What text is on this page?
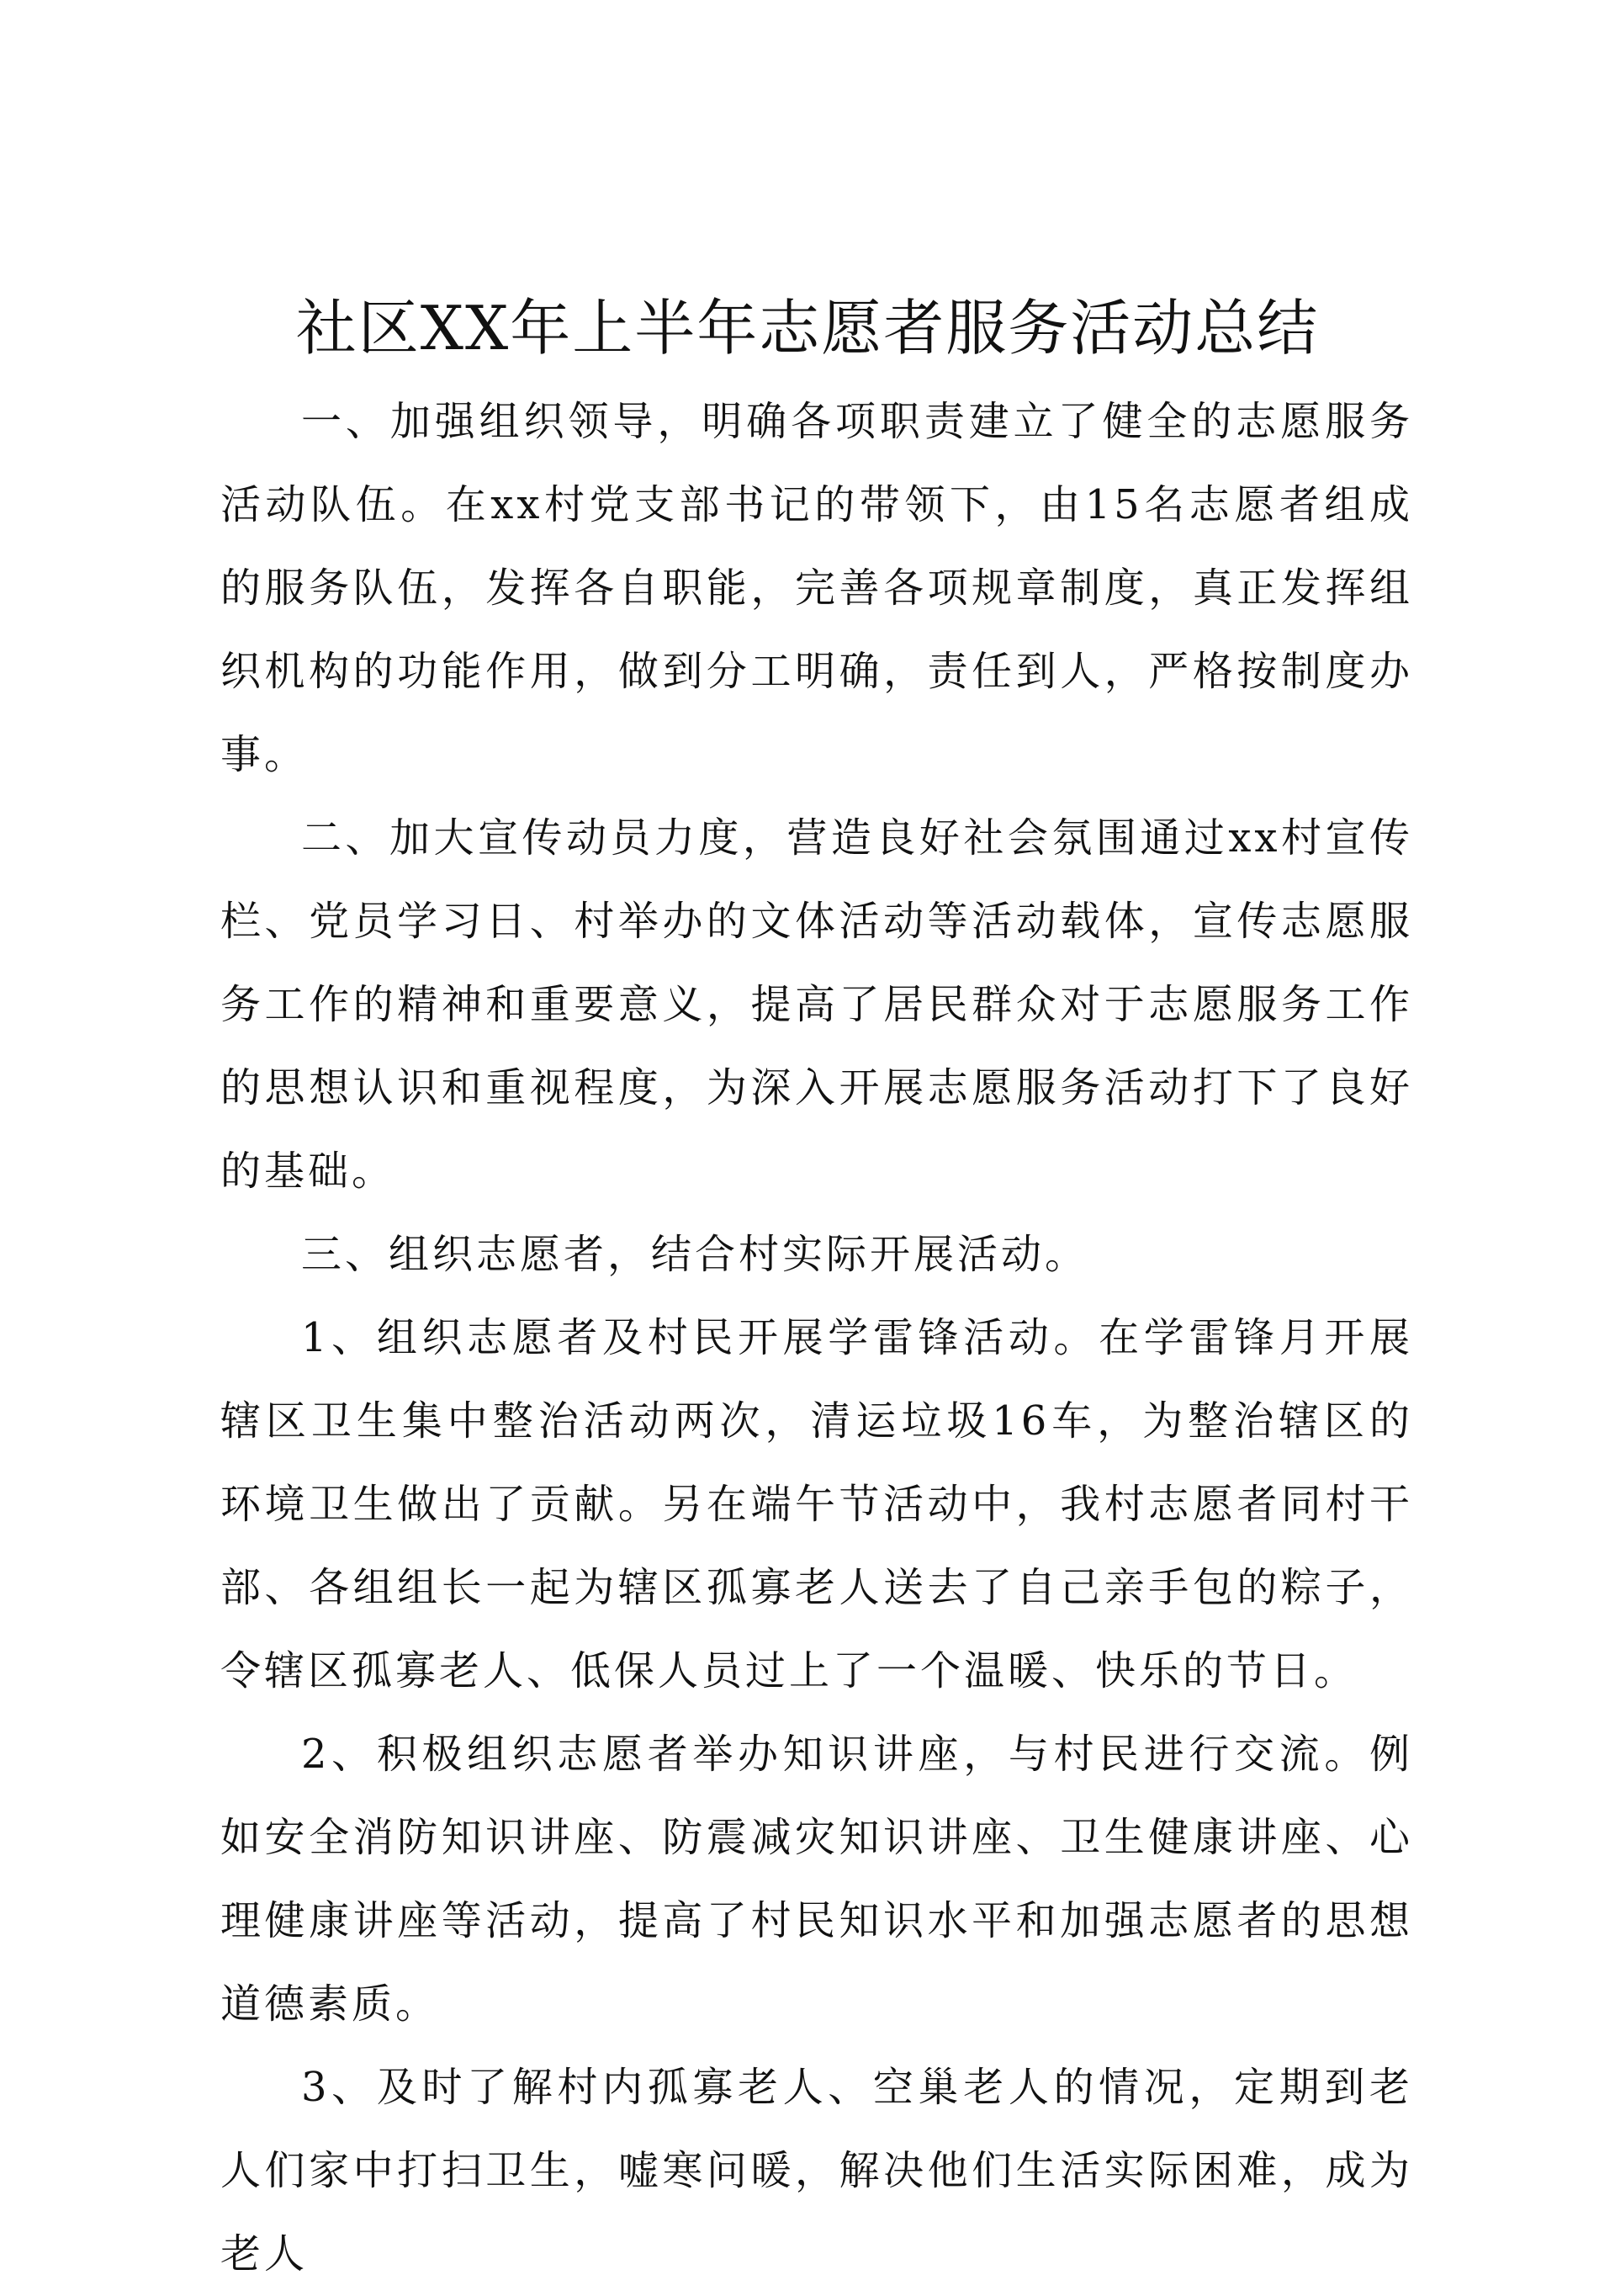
社区XX年上半年志愿者服务活动总结

一、加强组织领导，明确各项职责建立了健全的志愿服务活动队伍。在xx村党支部书记的带领下，由15名志愿者组成的服务队伍，发挥各自职能，完善各项规章制度，真正发挥组织机构的功能作用，做到分工明确，责任到人，严格按制度办事。

二、加大宣传动员力度，营造良好社会氛围通过xx村宣传栏、党员学习日、村举办的文体活动等活动载体，宣传志愿服务工作的精神和重要意义，提高了居民群众对于志愿服务工作的思想认识和重视程度，为深入开展志愿服务活动打下了良好的基础。

三、组织志愿者，结合村实际开展活动。

1、组织志愿者及村民开展学雷锋活动。在学雷锋月开展辖区卫生集中整治活动两次，清运垃圾16车，为整治辖区的环境卫生做出了贡献。另在端午节活动中，我村志愿者同村干部、各组组长一起为辖区孤寡老人送去了自己亲手包的粽子，令辖区孤寡老人、低保人员过上了一个温暖、快乐的节日。

2、积极组织志愿者举办知识讲座，与村民进行交流。例如安全消防知识讲座、防震减灾知识讲座、卫生健康讲座、心理健康讲座等活动，提高了村民知识水平和加强志愿者的思想道德素质。

3、及时了解村内孤寡老人、空巢老人的情况，定期到老人们家中打扫卫生，嘘寒问暖，解决他们生活实际困难，成为老人
